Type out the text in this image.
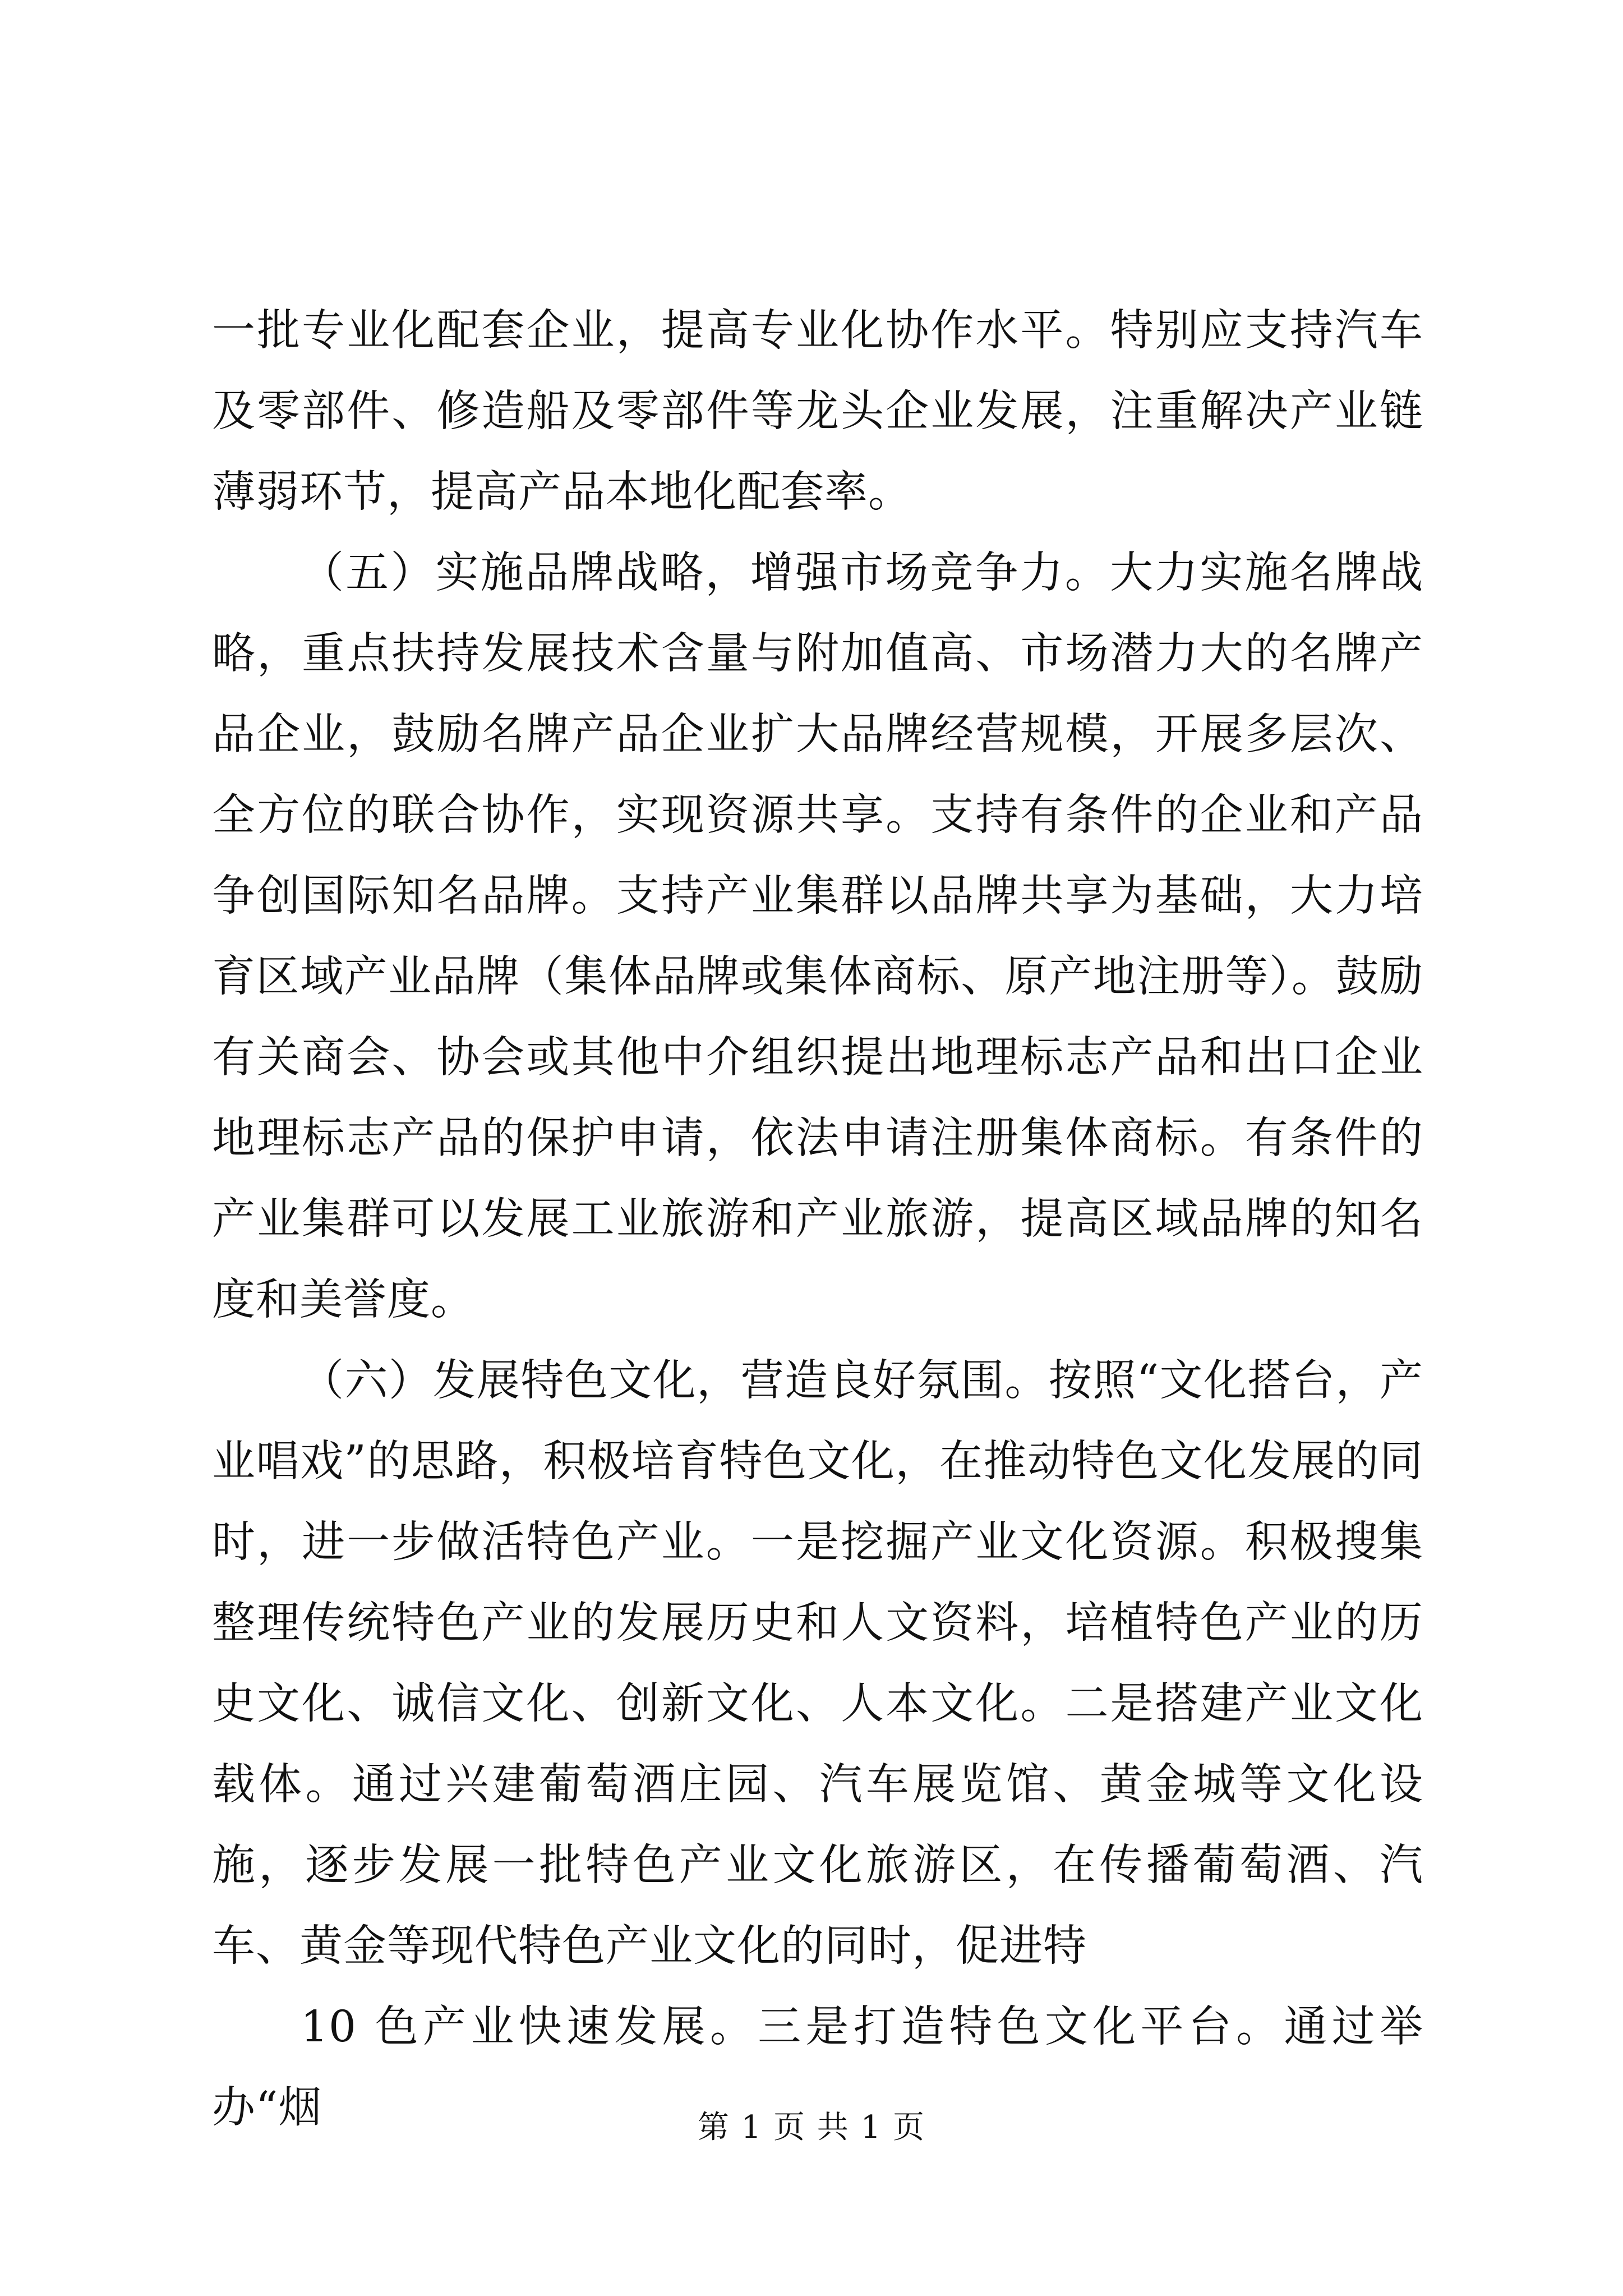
一批专业化配套企业，提高专业化协作水平。特别应支持汽车及零部件、修造船及零部件等龙头企业发展，注重解决产业链薄弱环节，提高产品本地化配套率。

（五）实施品牌战略，增强市场竞争力。大力实施名牌战略，重点扶持发展技术含量与附加值高、市场潜力大的名牌产品企业，鼓励名牌产品企业扩大品牌经营规模，开展多层次、全方位的联合协作，实现资源共享。支持有条件的企业和产品争创国际知名品牌。支持产业集群以品牌共享为基础，大力培育区域产业品牌（集体品牌或集体商标、原产地注册等）。鼓励有关商会、协会或其他中介组织提出地理标志产品和出口企业地理标志产品的保护申请，依法申请注册集体商标。有条件的产业集群可以发展工业旅游和产业旅游，提高区域品牌的知名度和美誉度。

（六）发展特色文化，营造良好氛围。按照“文化搭台，产业唱戏”的思路，积极培育特色文化，在推动特色文化发展的同时，进一步做活特色产业。一是挖掘产业文化资源。积极搜集整理传统特色产业的发展历史和人文资料，培植特色产业的历史文化、诚信文化、创新文化、人本文化。二是搭建产业文化载体。通过兴建葡萄酒庄园、汽车展览馆、黄金城等文化设施，逐步发展一批特色产业文化旅游区，在传播葡萄酒、汽车、黄金等现代特色产业文化的同时，促进特

10 色产业快速发展。三是打造特色文化平台。通过举办“烟	第 1 页 共 1 页
